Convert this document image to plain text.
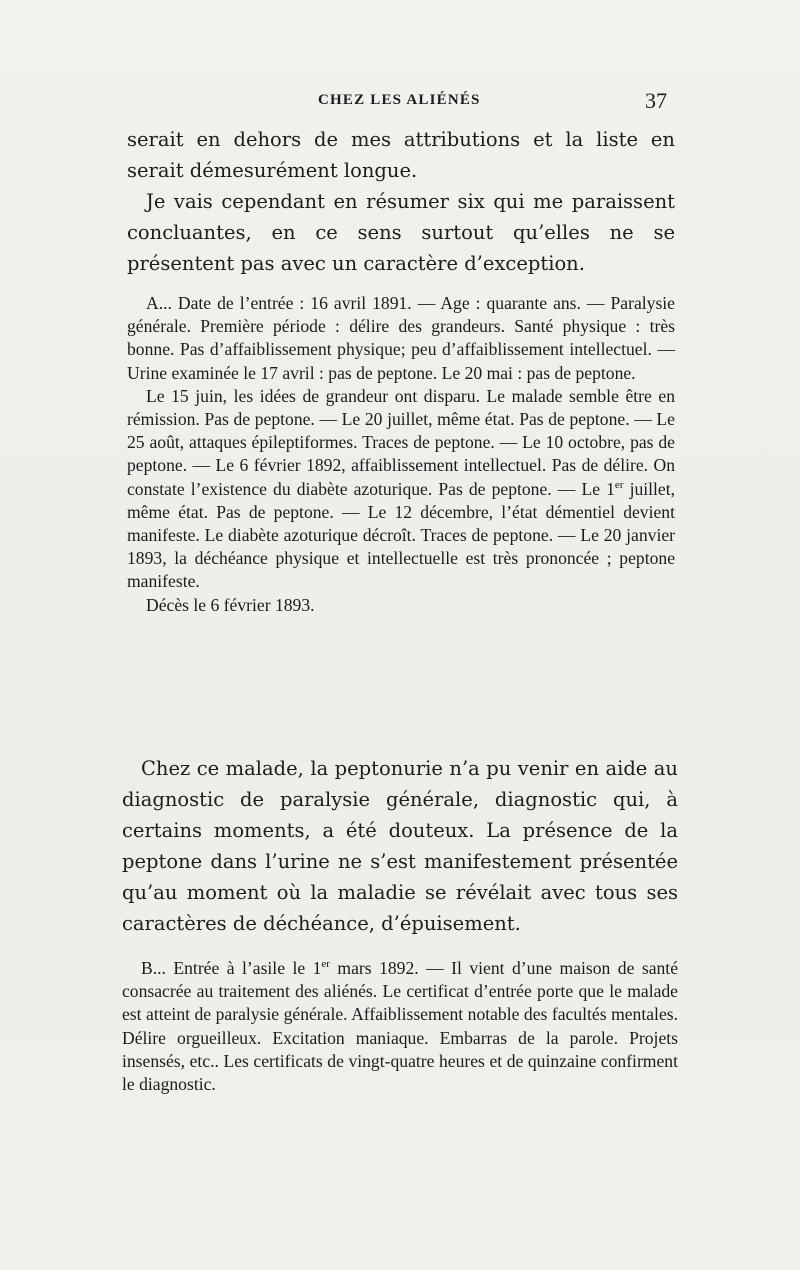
CHEZ LES ALIÉNÉS	37

serait en dehors de mes attributions et la liste en serait démesurément longue.

Je vais cependant en résumer six qui me paraissent concluantes, en ce sens surtout qu’elles ne se présentent pas avec un caractère d’exception.

A... Date de l’entrée : 16 avril 1891. — Age : quarante ans. — Paralysie générale. Première période : délire des grandeurs. Santé physique : très bonne. Pas d’affaiblissement physique; peu d’affaiblissement intellectuel. — Urine examinée le 17 avril : pas de peptone. Le 20 mai : pas de peptone.

Le 15 juin, les idées de grandeur ont disparu. Le malade semble être en rémission. Pas de peptone. — Le 20 juillet, même état. Pas de peptone. — Le 25 août, attaques épileptiformes. Traces de peptone. — Le 10 octobre, pas de peptone. — Le 6 février 1892, affaiblissement intellectuel. Pas de délire. On constate l’existence du diabète azoturique. Pas de peptone. — Le 1er juillet, même état. Pas de peptone. — Le 12 décembre, l’état démentiel devient manifeste. Le diabète azoturique décroît. Traces de peptone. — Le 20 janvier 1893, la déchéance physique et intellectuelle est très prononcée ; peptone manifeste.

Décès le 6 février 1893.

Chez ce malade, la peptonurie n’a pu venir en aide au diagnostic de paralysie générale, diagnostic qui, à certains moments, a été douteux. La présence de la peptone dans l’urine ne s’est manifestement présentée qu’au moment où la maladie se révélait avec tous ses caractères de déchéance, d’épuisement.

B... Entrée à l’asile le 1er mars 1892. — Il vient d’une maison de santé consacrée au traitement des aliénés. Le certificat d’entrée porte que le malade est atteint de paralysie générale. Affaiblissement notable des facultés mentales. Délire orgueilleux. Excitation maniaque. Embarras de la parole. Projets insensés, etc.. Les certificats de vingt-quatre heures et de quinzaine confirment le diagnostic.
